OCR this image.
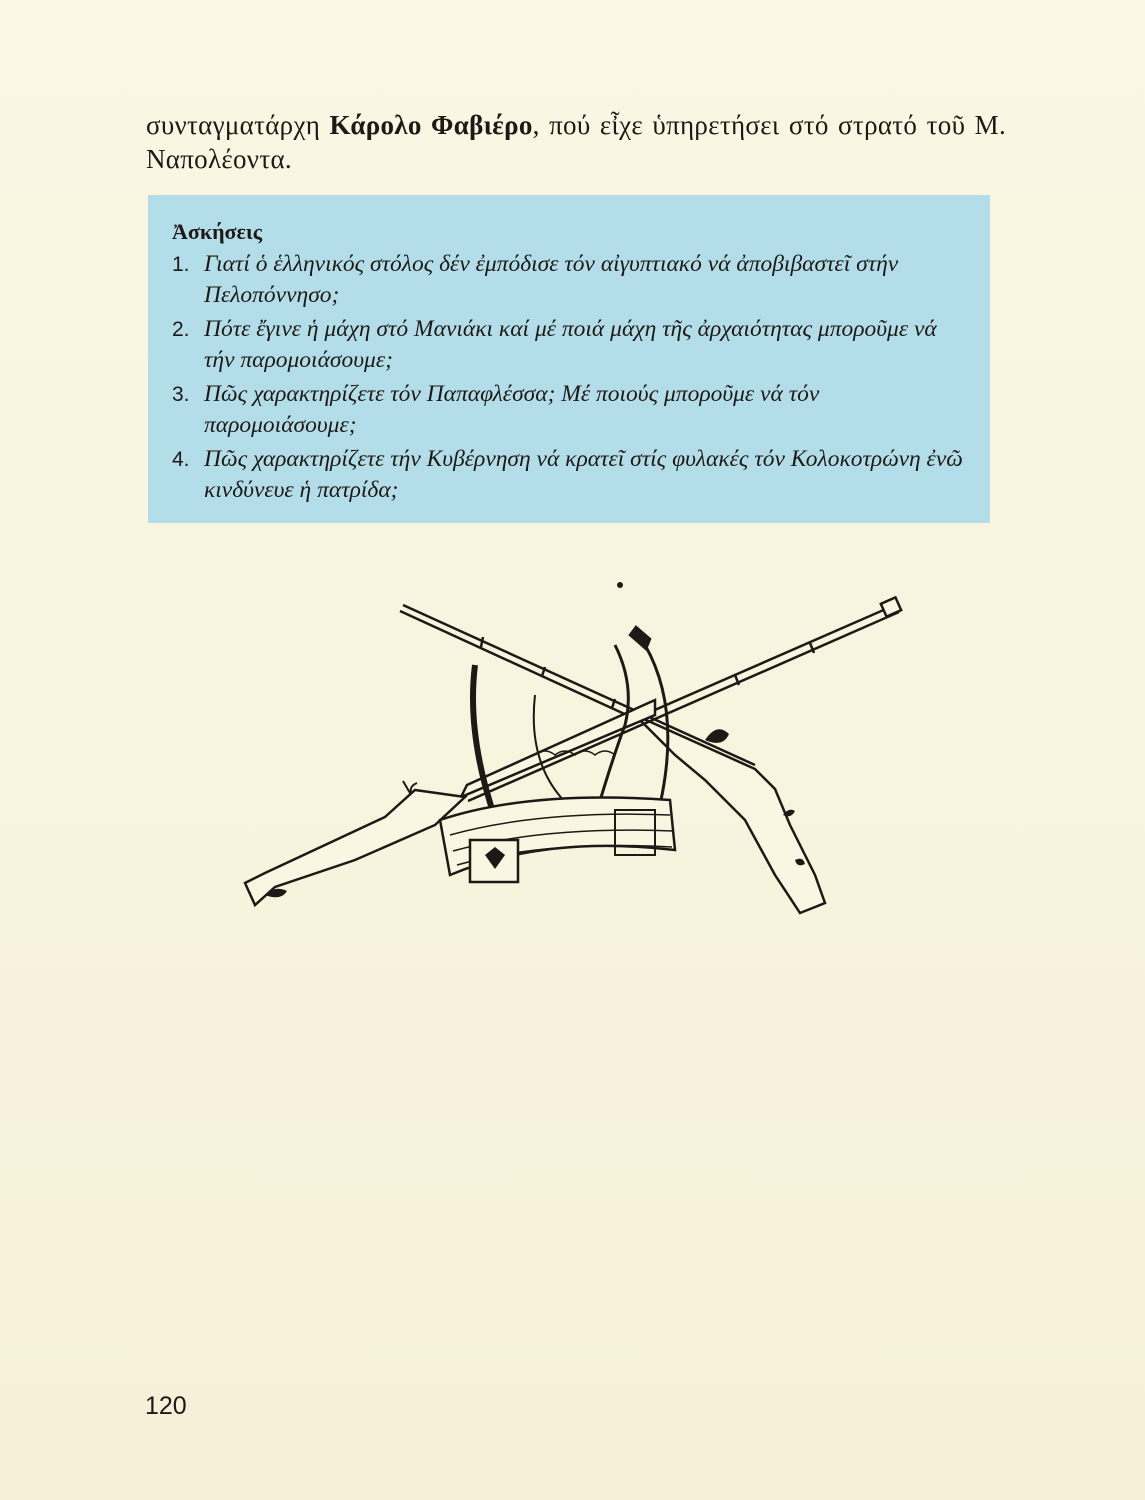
συνταγματάρχη Κάρολο Φαβιέρο, πού εἶχε ὑπηρετήσει στό στρατό τοῦ Μ. Ναπολέοντα.

Ἀσκήσεις
1. Γιατί ὁ ἑλληνικός στόλος δέν ἐμπόδισε τόν αἰγυπτιακό νά ἀποβιβαστεῖ στήν Πελοπόννησο;
2. Πότε ἔγινε ἡ μάχη στό Μανιάκι καί μέ ποιά μάχη τῆς ἀρχαιότητας μποροῦμε νά τήν παρομοιάσουμε;
3. Πῶς χαρακτηρίζετε τόν Παπαφλέσσα; Μέ ποιούς μποροῦμε νά τόν παρομοιάσουμε;
4. Πῶς χαρακτηρίζετε τήν Κυβέρνηση νά κρατεῖ στίς φυλακές τόν Κολοκοτρώνη ἐνῶ κινδύνευε ἡ πατρίδα;
120
